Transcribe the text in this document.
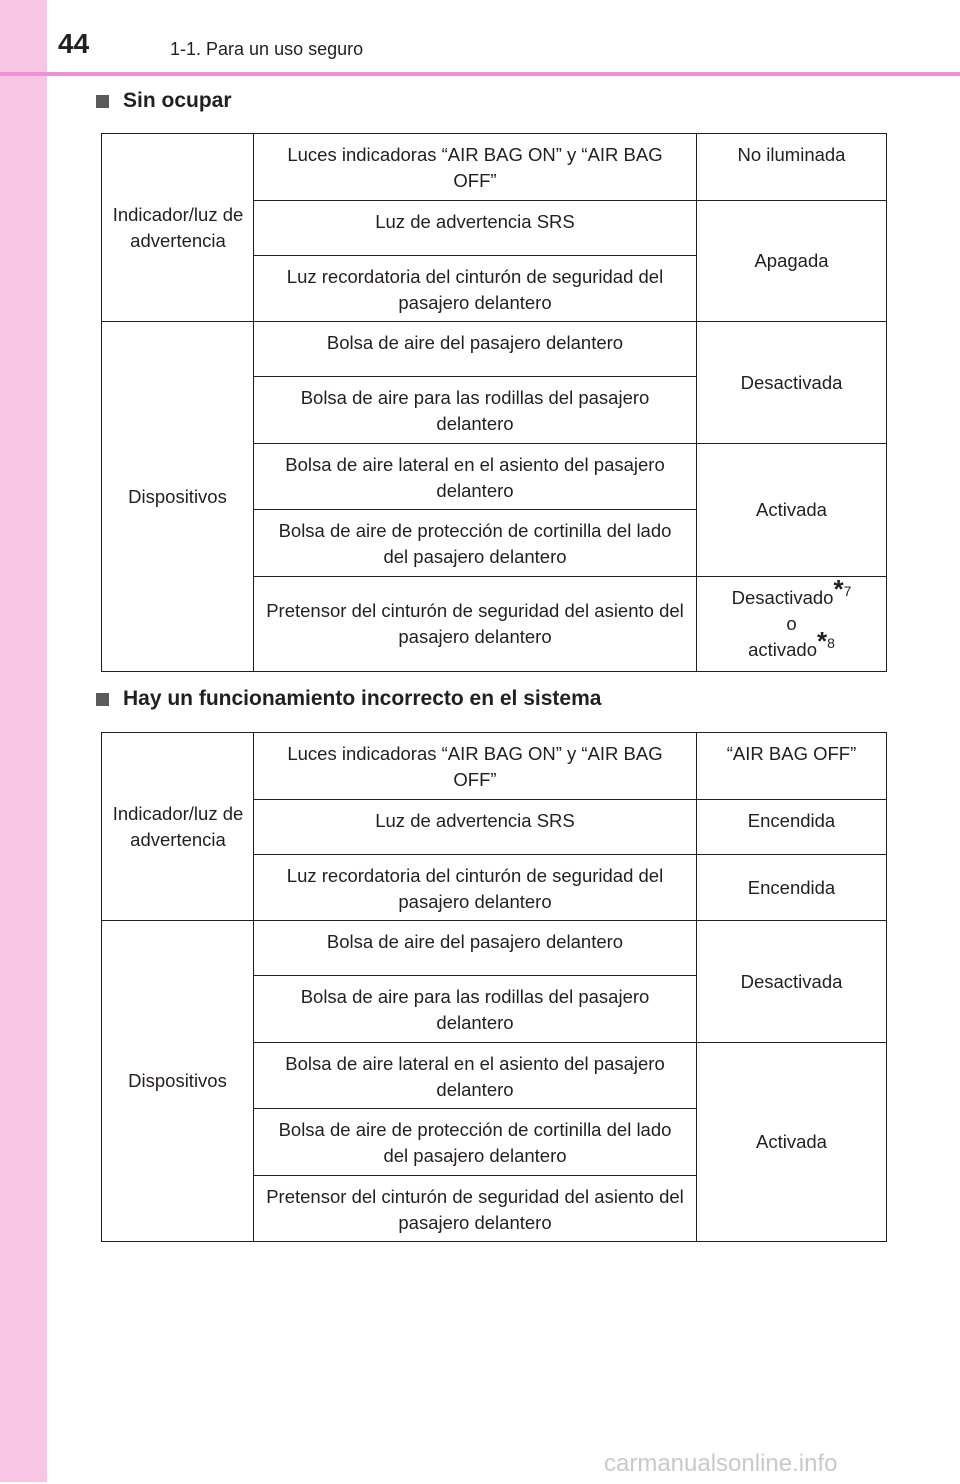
44	1-1. Para un uso seguro
Sin ocupar
Indicador/luz de advertencia	Luces indicadoras “AIR BAG ON” y “AIR BAG OFF”	No iluminada
	Luz de advertencia SRS	Apagada
	Luz recordatoria del cinturón de seguridad del pasajero delantero	
Dispositivos	Bolsa de aire del pasajero delantero	Desactivada

	Bolsa de aire para las rodillas del pasajero delantero	

	Bolsa de aire lateral en el asiento del pasajero delantero	Activada

	Bolsa de aire de protección de cortinilla del lado del pasajero delantero	

	Pretensor del cinturón de seguridad del asiento del pasajero delantero	Desactivado*$^7$
o
activado*$^8$
Hay un funcionamiento incorrecto en el sistema
Indicador/luz de advertencia	Luces indicadoras “AIR BAG ON” y “AIR BAG OFF”	“AIR BAG OFF”
	Luz de advertencia SRS	Encendida
	Luz recordatoria del cinturón de seguridad del pasajero delantero	Encendida
Dispositivos	Bolsa de aire del pasajero delantero	Desactivada

	Bolsa de aire para las rodillas del pasajero delantero	

	Bolsa de aire lateral en el asiento del pasajero delantero	Activada

	Bolsa de aire de protección de cortinilla del lado del pasajero delantero	

	Pretensor del cinturón de seguridad del asiento del pasajero delantero	
carmanualsonline.info
